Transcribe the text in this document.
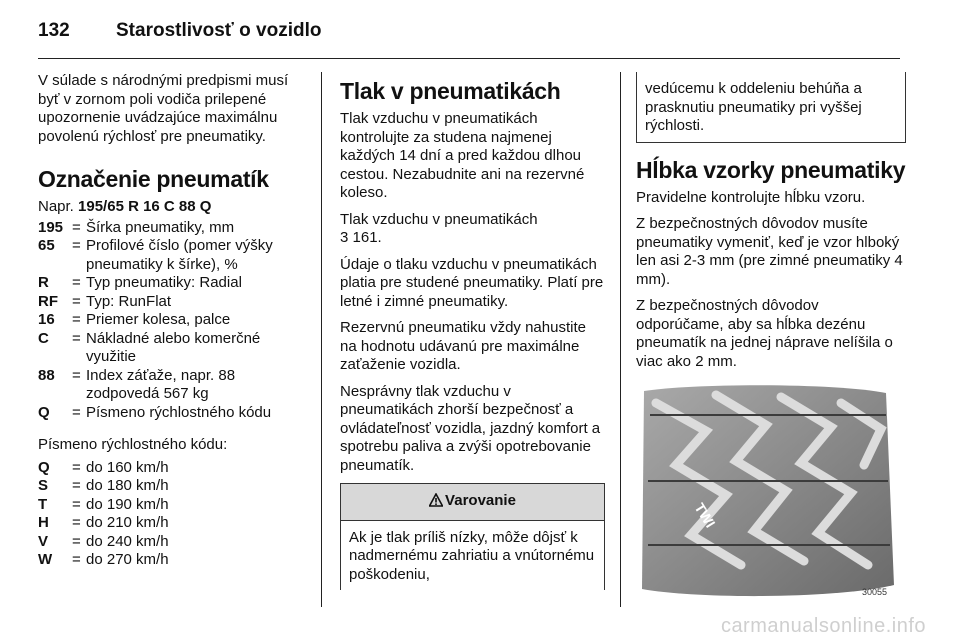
132	Starostlivosť o vozidlo

V súlade s národnými predpismi musí byť v zornom poli vodiča prilepené upozornenie uvádzajúce maximálnu povolenú rýchlosť pre pneumatiky.

Označenie pneumatík

Napr. 195/65 R 16 C 88 Q

195 = Šírka pneumatiky, mm
65	= Profilové číslo (pomer výšky pneumatiky k šírke), %
R	= Typ pneumatiky: Radial
RF = Typ: RunFlat
16	= Priemer kolesa, palce
C	= Nákladné alebo komerčné využitie
88	= Index záťaže, napr. 88 zodpovedá 567 kg
Q	= Písmeno rýchlostného kódu

Písmeno rýchlostného kódu:

Q	= do 160 km/h
S	= do 180 km/h
T	= do 190 km/h
H	= do 210 km/h
V	= do 240 km/h
W	= do 270 km/h
Tlak v pneumatikách

Tlak vzduchu v pneumatikách kontrolujte za studena najmenej každých 14 dní a pred každou dlhou cestou. Nezabudnite ani na rezervné koleso.

Tlak vzduchu v pneumatikách
3 161.

Údaje o tlaku vzduchu v pneumatikách platia pre studené pneumatiky. Platí pre letné i zimné pneumatiky.

Rezervnú pneumatiku vždy nahustite na hodnotu udávanú pre maximálne zaťaženie vozidla.

Nesprávny tlak vzduchu v pneumatikách zhorší bezpečnosť a ovládateľnosť vozidla, jazdný komfort a spotrebu paliva a zvýši opotrebovanie pneumatík.

Varovanie
Ak je tlak príliš nízky, môže dôjsť k nadmernému zahriatiu a vnútornému poškodeniu,
vedúcemu k oddeleniu behúňa a prasknutiu pneumatiky pri vyššej rýchlosti.
Hĺbka vzorky pneumatiky

Pravidelne kontrolujte hĺbku vzoru.

Z bezpečnostných dôvodov musíte pneumatiky vymeniť, keď je vzor hlboký len asi 2-3 mm (pre zimné pneumatiky 4 mm).

Z bezpečnostných dôvodov odporúčame, aby sa hĺbka dezénu pneumatík na jednej náprave nelíšila o viac ako 2 mm.

TWI
30055
carmanualsonline.info
